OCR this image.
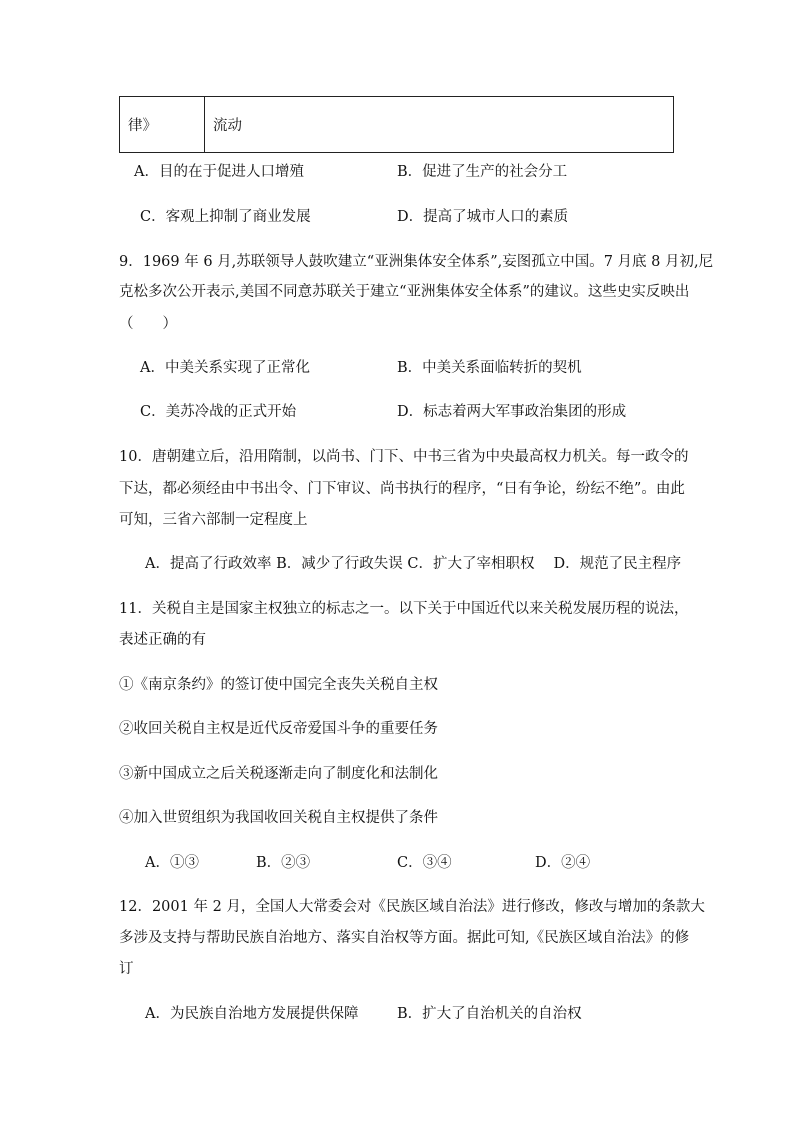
律》	流动
A．目的在于促进人口增殖	B．促进了生产的社会分工
C．客观上抑制了商业发展	D．提高了城市人口的素质
9．1969 年 6 月,苏联领导人鼓吹建立“亚洲集体安全体系”,妄图孤立中国。7 月底 8 月初,尼
克松多次公开表示,美国不同意苏联关于建立“亚洲集体安全体系”的建议。这些史实反映出
（　　）
A．中美关系实现了正常化	B．中美关系面临转折的契机
C．美苏冷战的正式开始	D．标志着两大军事政治集团的形成
10．唐朝建立后，沿用隋制，以尚书、门下、中书三省为中央最高权力机关。每一政令的
下达，都必须经由中书出令、门下审议、尚书执行的程序，“日有争论，纷纭不绝”。由此
可知，三省六部制一定程度上
A．提高了行政效率 B．减少了行政失误 C．扩大了宰相职权　 D．规范了民主程序
11．关税自主是国家主权独立的标志之一。以下关于中国近代以来关税发展历程的说法，
表述正确的有
①《南京条约》的签订使中国完全丧失关税自主权
②收回关税自主权是近代反帝爱国斗争的重要任务
③新中国成立之后关税逐渐走向了制度化和法制化
④加入世贸组织为我国收回关税自主权提供了条件
A．①③	B．②③	C．③④	D．②④
12．2001 年 2 月，全国人大常委会对《民族区域自治法》进行修改，修改与增加的条款大
多涉及支持与帮助民族自治地方、落实自治权等方面。据此可知,《民族区域自治法》的修
订
A．为民族自治地方发展提供保障	B．扩大了自治机关的自治权
